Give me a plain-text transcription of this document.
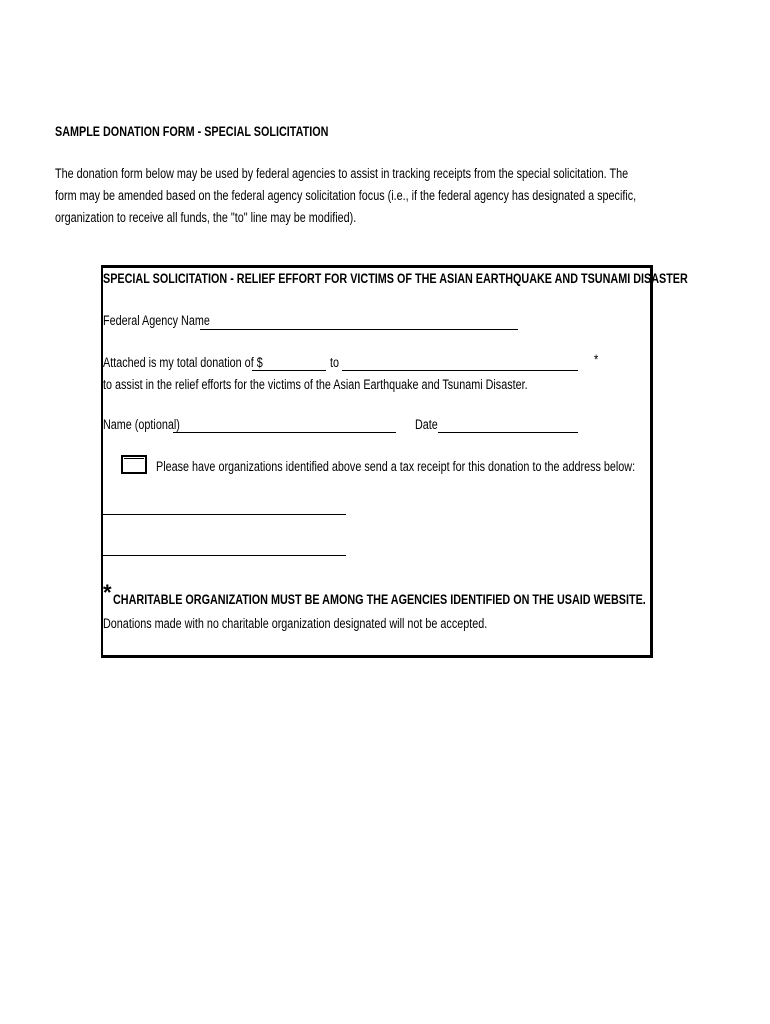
SAMPLE DONATION FORM - SPECIAL SOLICITATION
The donation form below may be used by federal agencies to assist in tracking receipts from the special solicitation. The
form may be amended based on the federal agency solicitation focus (i.e., if the federal agency has designated a specific,
organization to receive all funds, the "to" line may be modified).
SPECIAL SOLICITATION - RELIEF EFFORT FOR VICTIMS OF THE ASIAN EARTHQUAKE AND TSUNAMI DISASTER
Federal Agency Name
Attached is my total donation of $	to	*
to assist in the relief efforts for the victims of the Asian Earthquake and Tsunami Disaster.
Name (optional)	Date
Please have organizations identified above send a tax receipt for this donation to the address below:
* CHARITABLE ORGANIZATION MUST BE AMONG THE AGENCIES IDENTIFIED ON THE USAID WEBSITE.
Donations made with no charitable organization designated will not be accepted.
